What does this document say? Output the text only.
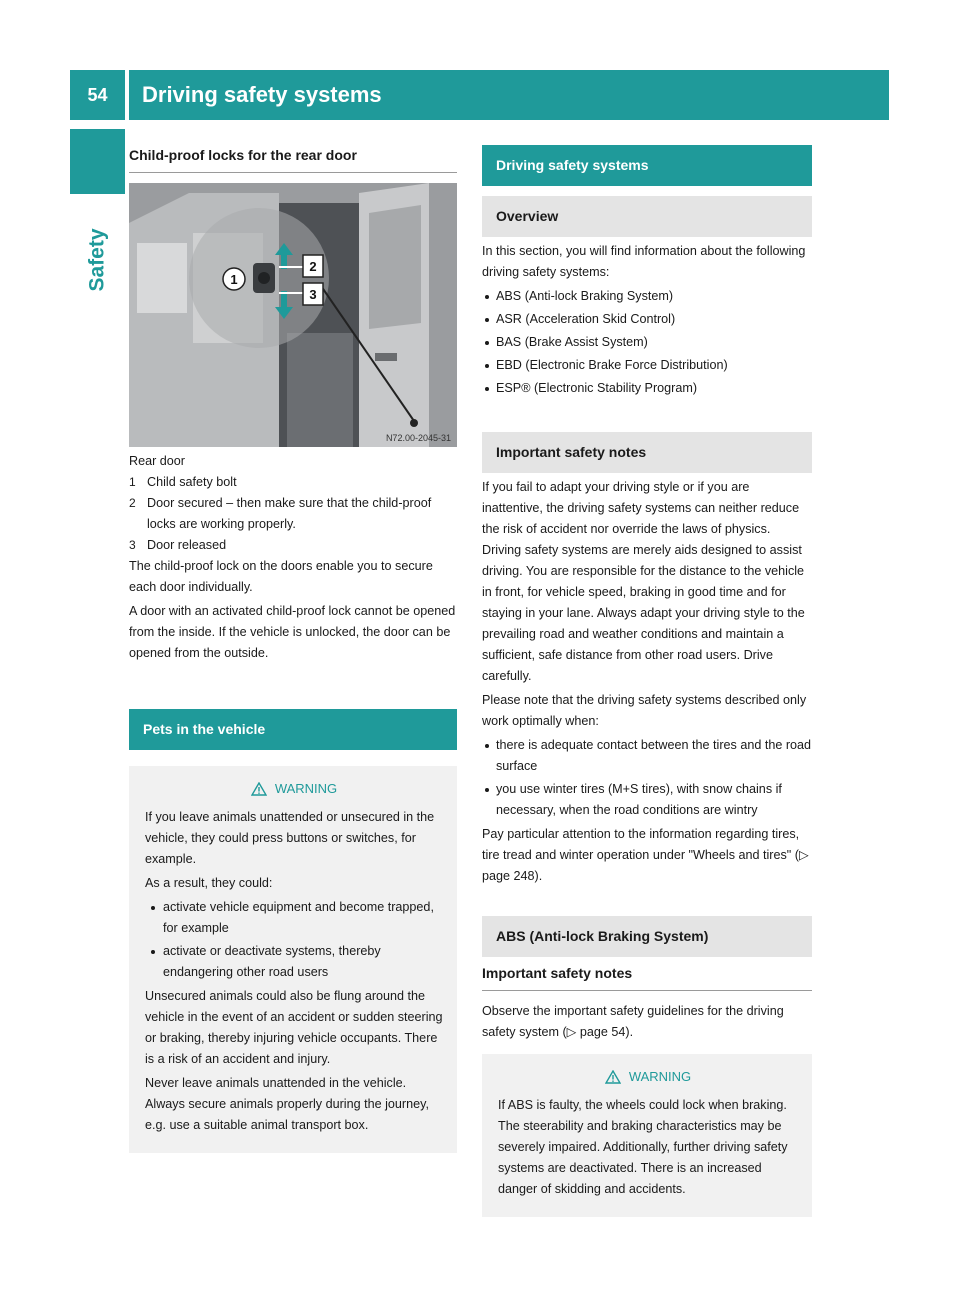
54	Driving safety systems
Safety
Child-proof locks for the rear door
1
2
3
N72.00-2045-31
Rear door
1 Child safety bolt
2 Door secured – then make sure that the child-proof locks are working properly.
3 Door released

The child-proof lock on the doors enable you to secure each door individually.

A door with an activated child-proof lock cannot be opened from the inside. If the vehicle is unlocked, the door can be opened from the outside.

Pets in the vehicle
WARNING

If you leave animals unattended or unsecured in the vehicle, they could press buttons or switches, for example.

As a result, they could:

activate vehicle equipment and become trapped, for example
activate or deactivate systems, thereby endangering other road users

Unsecured animals could also be flung around the vehicle in the event of an accident or sudden steering or braking, thereby injuring vehicle occupants. There is a risk of an accident and injury.

Never leave animals unattended in the vehicle. Always secure animals properly during the journey, e.g. use a suitable animal transport box.

Driving safety systems
Overview

In this section, you will find information about the following driving safety systems:

ABS (Anti-lock Braking System)
ASR (Acceleration Skid Control)
BAS (Brake Assist System)
EBD (Electronic Brake Force Distribution)
ESP® (Electronic Stability Program)
Important safety notes

If you fail to adapt your driving style or if you are inattentive, the driving safety systems can neither reduce the risk of accident nor override the laws of physics. Driving safety systems are merely aids designed to assist driving. You are responsible for the distance to the vehicle in front, for vehicle speed, braking in good time and for staying in your lane. Always adapt your driving style to the prevailing road and weather conditions and maintain a sufficient, safe distance from other road users. Drive carefully.

Please note that the driving safety systems described only work optimally when:

there is adequate contact between the tires and the road surface
you use winter tires (M+S tires), with snow chains if necessary, when the road conditions are wintry

Pay particular attention to the information regarding tires, tire tread and winter operation under "Wheels and tires" (▷ page 248).

ABS (Anti-lock Braking System)
Important safety notes

Observe the important safety guidelines for the driving safety system (▷ page 54).

WARNING

If ABS is faulty, the wheels could lock when braking. The steerability and braking characteristics may be severely impaired. Additionally, further driving safety systems are deactivated. There is an increased danger of skidding and accidents.
